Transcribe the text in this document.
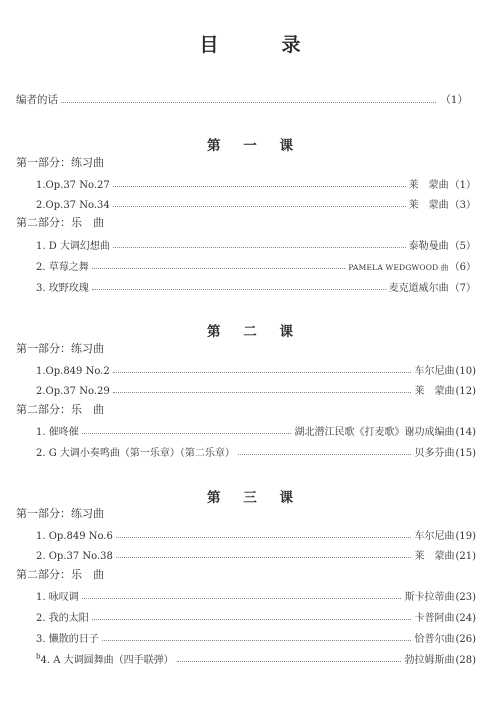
目　录
编者的话	（1）
第 一 课
第一部分：练习曲
1.Op.37 No.27	莱　蒙曲 （1）
2.Op.37 No.34	莱　蒙曲 （3）
第二部分：乐　曲
1. D 大调幻想曲	泰勒曼曲 （5）
2. 草莓之舞	PAMELA WEDGWOOD 曲 （6）
3. 玫野玫瑰	麦克道威尔曲 （7）
第 二 课
第一部分：练习曲
1.Op.849 No.2	车尔尼曲 (10)
2.Op.37 No.29	莱　蒙曲 (12)
第二部分：乐　曲
1. 催咚催	湖北潜江民歌《打麦歌》谢功成编曲 (14)
2. G 大调小奏鸣曲（第一乐章）（第二乐章）	贝多芬曲 (15)
第 三 课
第一部分：练习曲
1. Op.849 No.6	车尔尼曲 (19)
2. Op.37 No.38	莱　蒙曲 (21)
第二部分：乐　曲
1. 咏叹调	斯卡拉蒂曲 (23)
2. 我的太阳	卡普阿曲 (24)
3. 懒散的日子	恰普尔曲 (26)
$^b$4. A 大调圆舞曲（四手联弹）	勃拉姆斯曲 (28)
